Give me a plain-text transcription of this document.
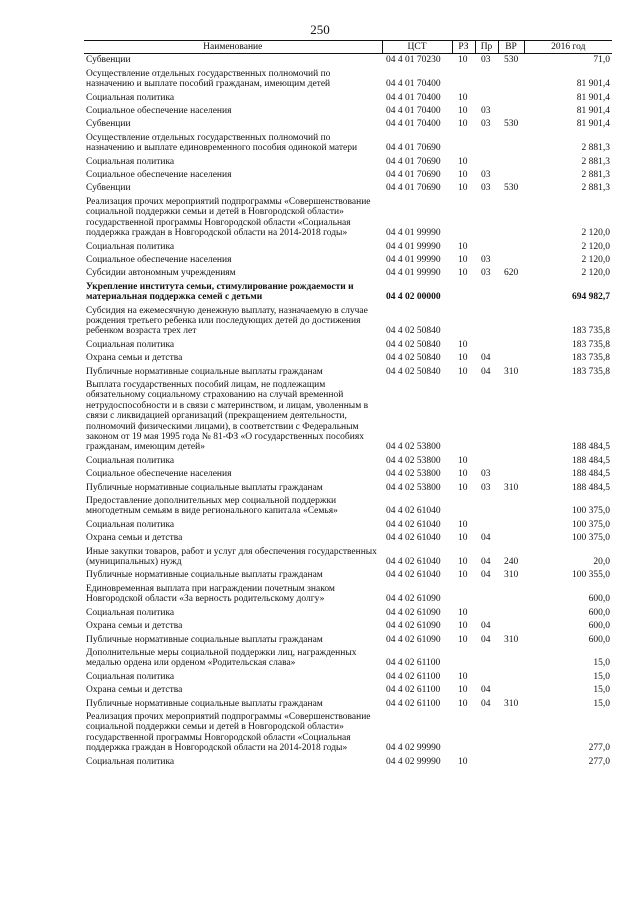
250
Наименование	ЦСТ	РЗ	Пр	ВР	2016 год
Субвенции	04 4 01 70230	10	03	530	71,0
Осуществление отдельных государственных полномочий по назначению и выплате пособий гражданам, имеющим детей	04 4 01 70400				81 901,4
Социальная политика	04 4 01 70400	10			81 901,4
Социальное обеспечение населения	04 4 01 70400	10	03		81 901,4
Субвенции	04 4 01 70400	10	03	530	81 901,4
Осуществление отдельных государственных полномочий по назначению и выплате единовременного пособия одинокой матери	04 4 01 70690				2 881,3
Социальная политика	04 4 01 70690	10			2 881,3
Социальное обеспечение населения	04 4 01 70690	10	03		2 881,3
Субвенции	04 4 01 70690	10	03	530	2 881,3
Реализация прочих мероприятий подпрограммы «Совершенствование социальной поддержки семьи и детей в Новгородской области» государственной программы Новгородской области «Социальная поддержка граждан в Новгородской области на 2014-2018 годы»	04 4 01 99990				2 120,0
Социальная политика	04 4 01 99990	10			2 120,0
Социальное обеспечение населения	04 4 01 99990	10	03		2 120,0
Субсидии автономным учреждениям	04 4 01 99990	10	03	620	2 120,0
Укрепление института семьи, стимулирование рождаемости и материальная поддержка семей с детьми	04 4 02 00000				694 982,7
Субсидия на ежемесячную денежную выплату, назначаемую в случае рождения третьего ребенка или последующих детей до достижения ребенком возраста трех лет	04 4 02 50840				183 735,8
Социальная политика	04 4 02 50840	10			183 735,8
Охрана семьи и детства	04 4 02 50840	10	04		183 735,8
Публичные нормативные социальные выплаты гражданам	04 4 02 50840	10	04	310	183 735,8
Выплата государственных пособий лицам, не подлежащим обязательному социальному страхованию на случай временной нетрудоспособности и в связи с материнством, и лицам, уволенным в связи с ликвидацией организаций (прекращением деятельности, полномочий физическими лицами), в соответствии с Федеральным законом от 19 мая 1995 года № 81-ФЗ «О государственных пособиях гражданам, имеющим детей»	04 4 02 53800				188 484,5
Социальная политика	04 4 02 53800	10			188 484,5
Социальное обеспечение населения	04 4 02 53800	10	03		188 484,5
Публичные нормативные социальные выплаты гражданам	04 4 02 53800	10	03	310	188 484,5
Предоставление дополнительных мер социальной поддержки многодетным семьям в виде регионального капитала «Семья»	04 4 02 61040				100 375,0
Социальная политика	04 4 02 61040	10			100 375,0
Охрана семьи и детства	04 4 02 61040	10	04		100 375,0
Иные закупки товаров, работ и услуг для обеспечения государственных (муниципальных) нужд	04 4 02 61040	10	04	240	20,0
Публичные нормативные социальные выплаты гражданам	04 4 02 61040	10	04	310	100 355,0
Единовременная выплата при награждении почетным знаком Новгородской области «За верность родительскому долгу»	04 4 02 61090				600,0
Социальная политика	04 4 02 61090	10			600,0
Охрана семьи и детства	04 4 02 61090	10	04		600,0
Публичные нормативные социальные выплаты гражданам	04 4 02 61090	10	04	310	600,0
Дополнительные меры социальной поддержки лиц, награжденных медалью ордена или орденом «Родительская слава»	04 4 02 61100				15,0
Социальная политика	04 4 02 61100	10			15,0
Охрана семьи и детства	04 4 02 61100	10	04		15,0
Публичные нормативные социальные выплаты гражданам	04 4 02 61100	10	04	310	15,0
Реализация прочих мероприятий подпрограммы «Совершенствование социальной поддержки семьи и детей в Новгородской области» государственной программы Новгородской области «Социальная поддержка граждан в Новгородской области на 2014-2018 годы»	04 4 02 99990				277,0
Социальная политика	04 4 02 99990	10			277,0
